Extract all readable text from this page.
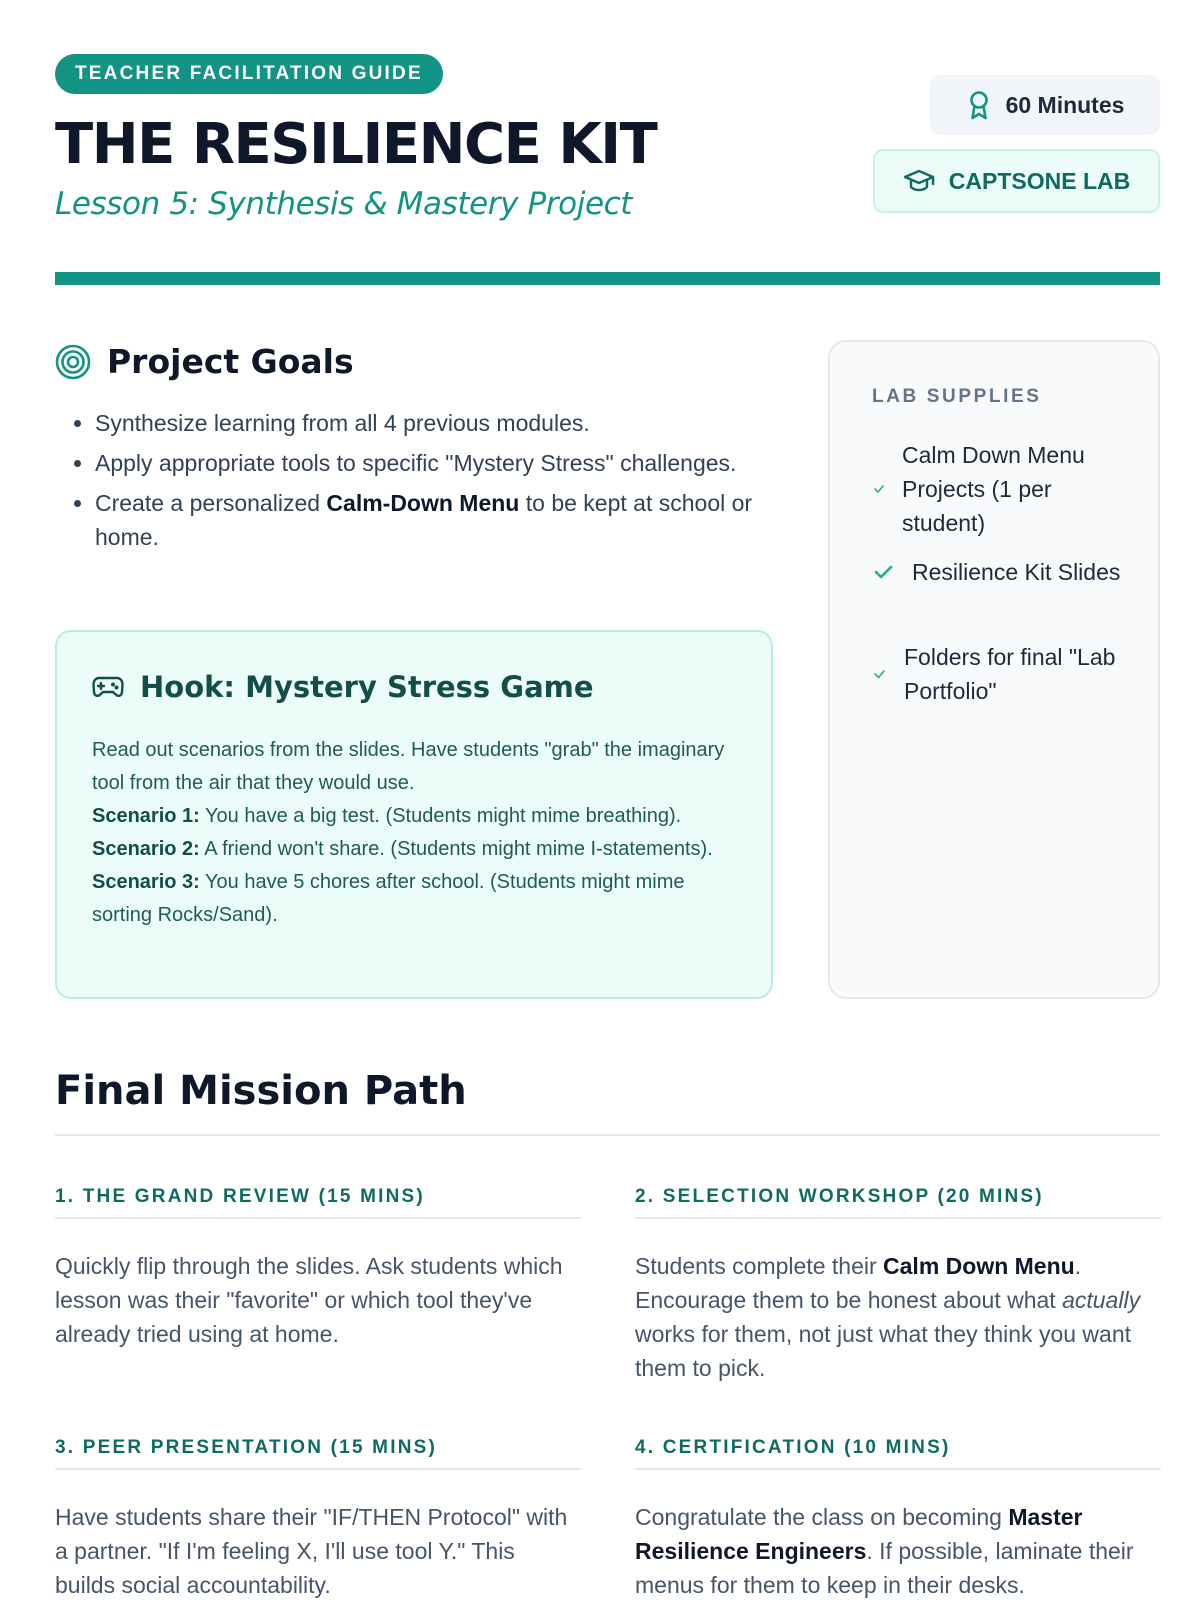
TEACHER FACILITATION GUIDE
THE RESILIENCE KIT
Lesson 5: Synthesis & Mastery Project
60 Minutes
CAPTSONE LAB
Project Goals
• Synthesize learning from all 4 previous modules.
• Apply appropriate tools to specific "Mystery Stress" challenges.
• Create a personalized Calm-Down Menu to be kept at school or home.
Hook: Mystery Stress Game
Read out scenarios from the slides. Have students "grab" the imaginary tool from the air that they would use.
Scenario 1: You have a big test. (Students might mime breathing).
Scenario 2: A friend won't share. (Students might mime I-statements).
Scenario 3: You have 5 chores after school. (Students might mime sorting Rocks/Sand).
LAB SUPPLIES
Calm Down Menu Projects (1 per student)
Resilience Kit Slides
Folders for final "Lab Portfolio"
Final Mission Path
1. THE GRAND REVIEW (15 MINS)
Quickly flip through the slides. Ask students which lesson was their "favorite" or which tool they've already tried using at home.
2. SELECTION WORKSHOP (20 MINS)
Students complete their Calm Down Menu. Encourage them to be honest about what actually works for them, not just what they think you want them to pick.
3. PEER PRESENTATION (15 MINS)
Have students share their "IF/THEN Protocol" with a partner. "If I'm feeling X, I'll use tool Y." This builds social accountability.
4. CERTIFICATION (10 MINS)
Congratulate the class on becoming Master Resilience Engineers. If possible, laminate their menus for them to keep in their desks.
